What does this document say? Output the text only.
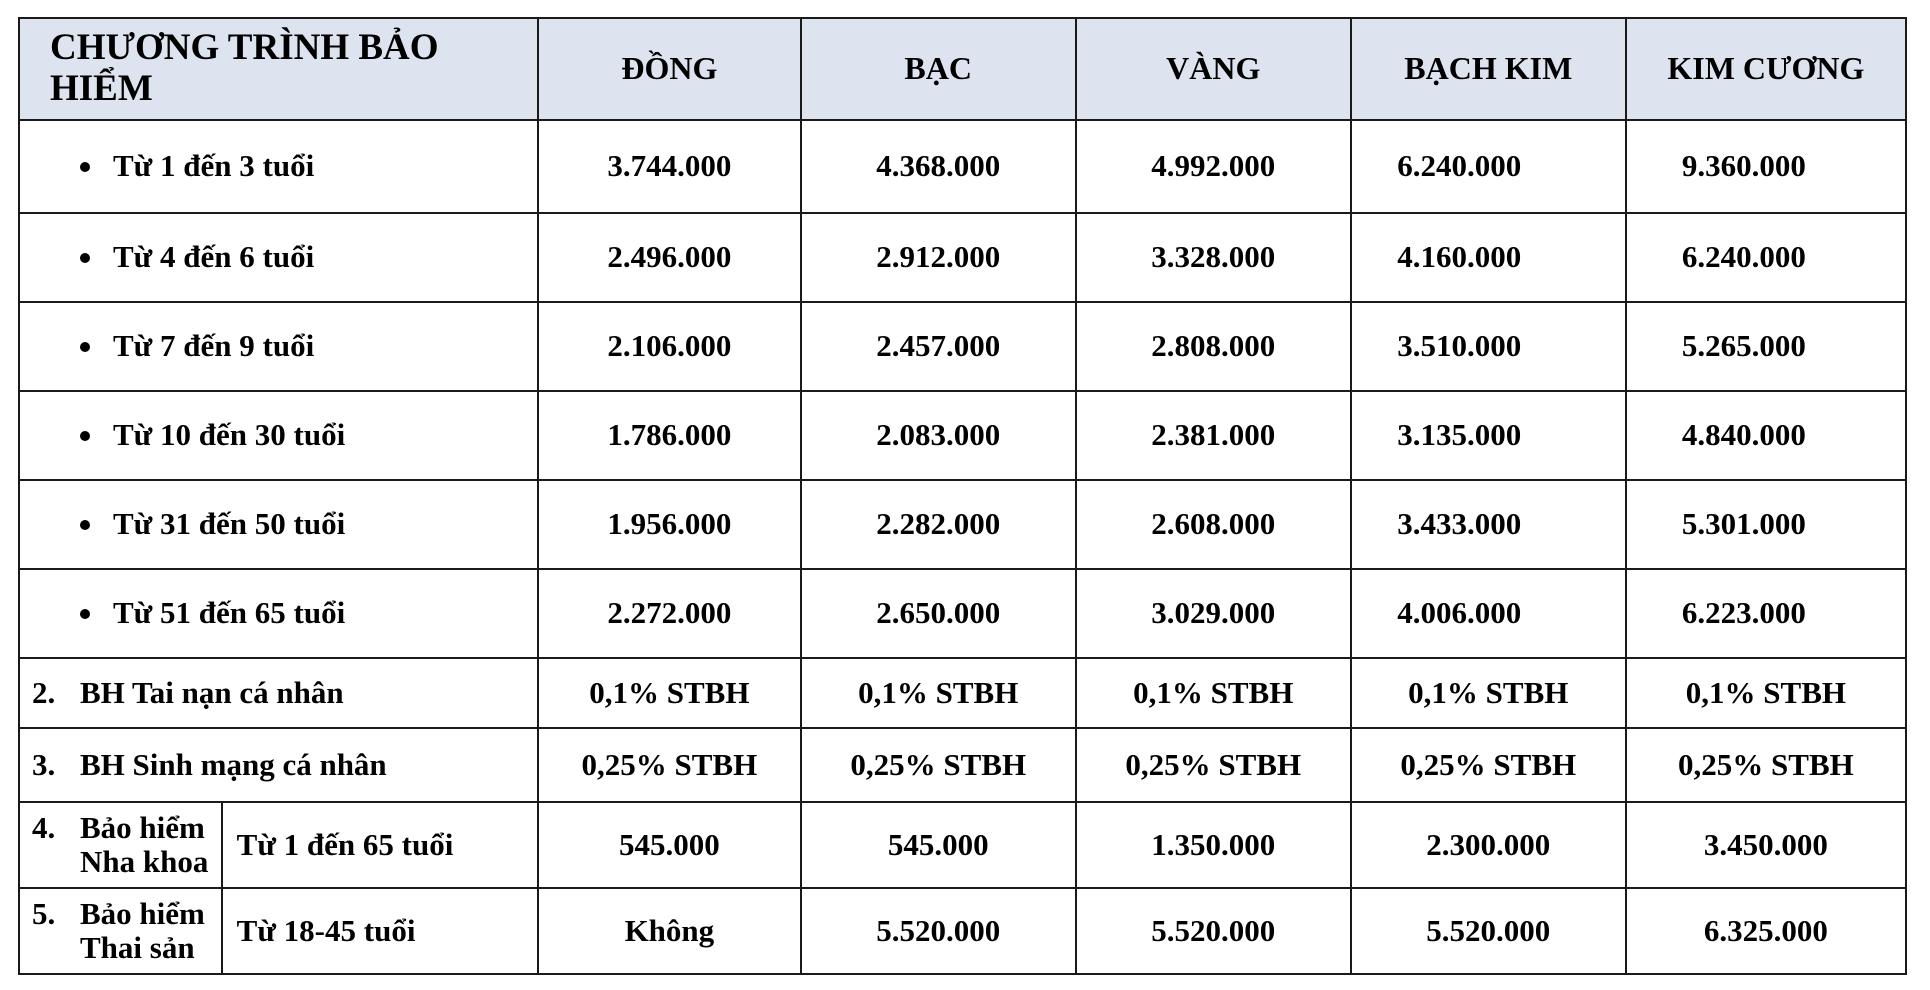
CHƯƠNG TRÌNH BẢO HIỂM		ĐỒNG	BẠC	VÀNG	BẠCH KIM	KIM CƯƠNG
Từ 1 đến 3 tuổi		3.744.000	4.368.000	4.992.000	6.240.000	9.360.000
Từ 4 đến 6 tuổi		2.496.000	2.912.000	3.328.000	4.160.000	6.240.000
Từ 7 đến 9 tuổi		2.106.000	2.457.000	2.808.000	3.510.000	5.265.000
Từ 10 đến 30 tuổi		1.786.000	2.083.000	2.381.000	3.135.000	4.840.000
Từ 31 đến 50 tuổi		1.956.000	2.282.000	2.608.000	3.433.000	5.301.000
Từ 51 đến 65 tuổi		2.272.000	2.650.000	3.029.000	4.006.000	6.223.000
2. BH Tai nạn cá nhân		0,1% STBH	0,1% STBH	0,1% STBH	0,1% STBH	0,1% STBH
3. BH Sinh mạng cá nhân		0,25% STBH	0,25% STBH	0,25% STBH	0,25% STBH	0,25% STBH

4. Bảo hiểm
Nha khoa	Từ 1 đến 65 tuổi	545.000	545.000	1.350.000	2.300.000	3.450.000

5. Bảo hiểm
Thai sản	Từ 18-45 tuổi	Không	5.520.000	5.520.000	5.520.000	6.325.000
